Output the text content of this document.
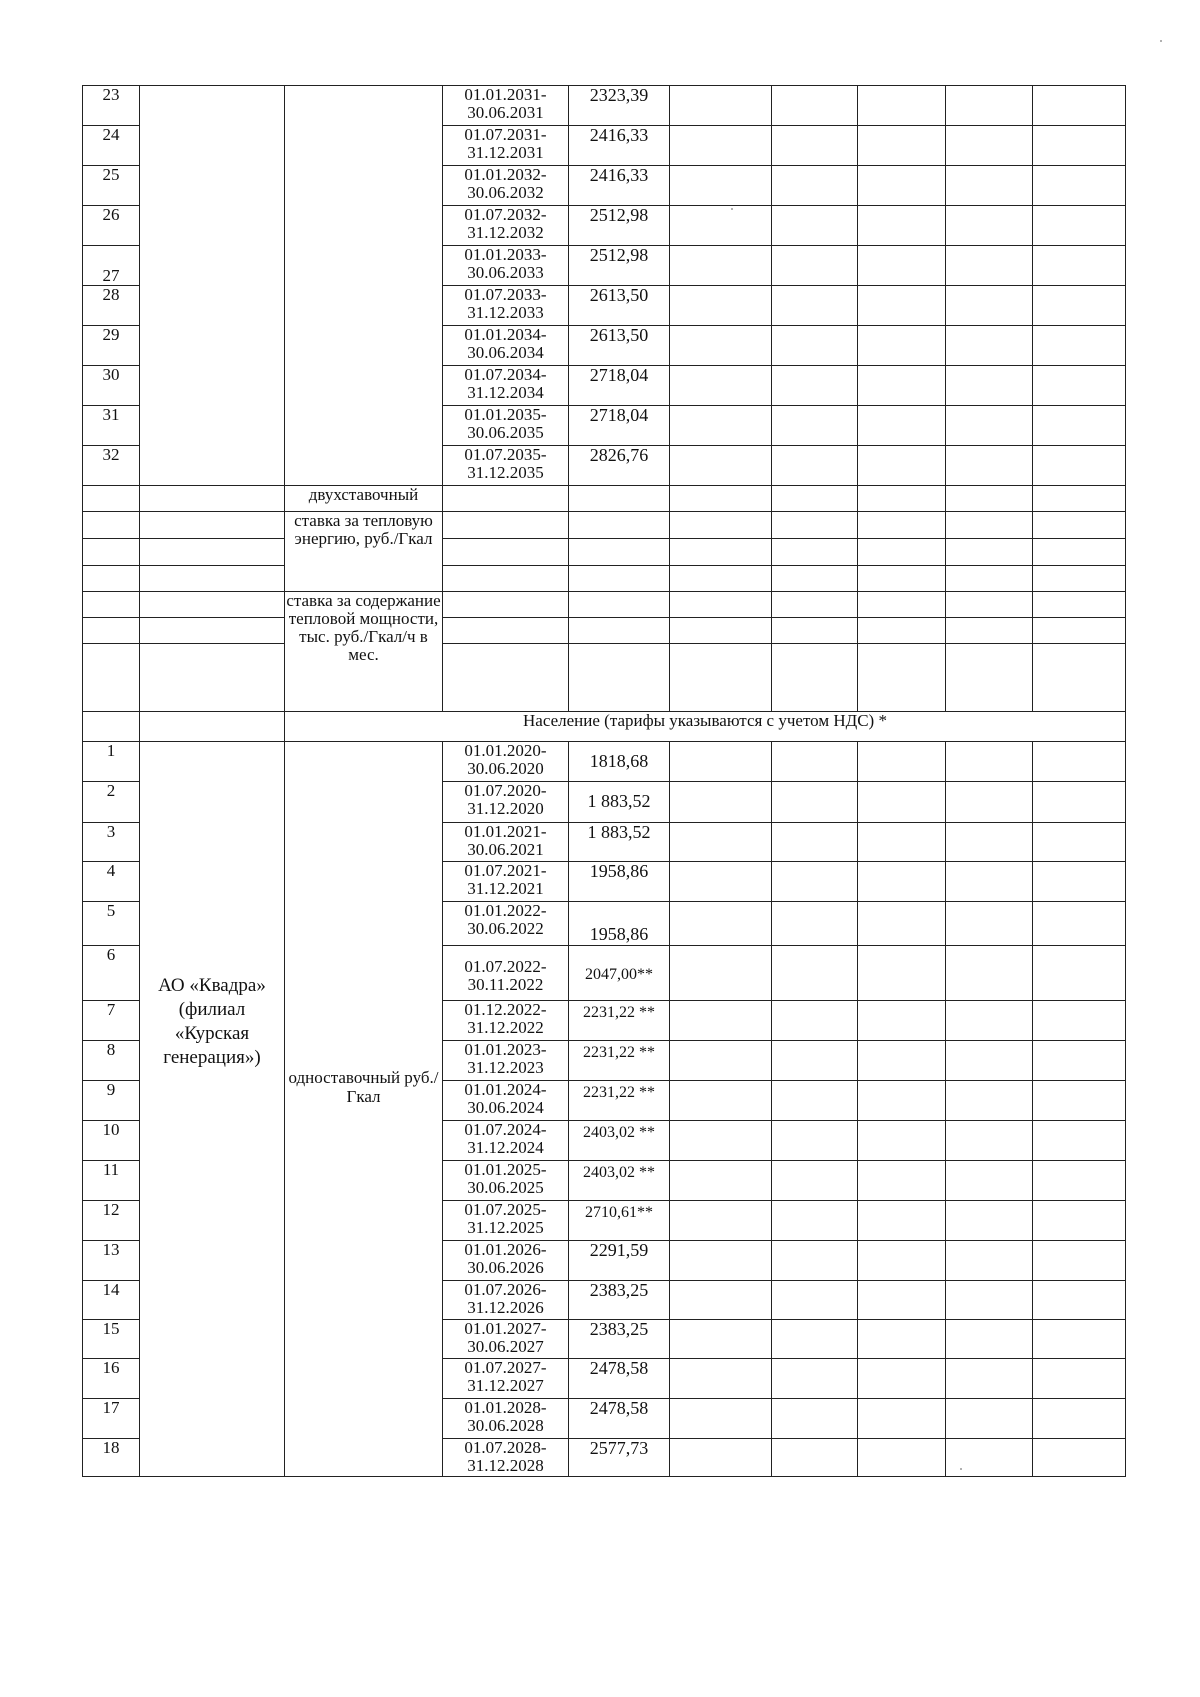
23			01.01.2031-30.06.2031	2323,39					
24			01.07.2031-31.12.2031	2416,33					
25			01.01.2032-30.06.2032	2416,33					
26			01.07.2032-31.12.2032	2512,98					
27			01.01.2033-30.06.2033	2512,98					
28			01.07.2033-31.12.2033	2613,50					
29			01.01.2034-30.06.2034	2613,50					
30			01.07.2034-31.12.2034	2718,04					
31			01.01.2035-30.06.2035	2718,04					
32			01.07.2035-31.12.2035	2826,76					
		двухставочный							
		ставка за тепловую энергию, руб./Гкал							

		ставка за содержание тепловой мощности, тыс. руб./Гкал/ч в мес.							

		Население (тарифы указываются с учетом НДС) *							
1	АО «Квадра» (филиал «Курская генерация»)	одноставочный руб./Гкал	01.01.2020-30.06.2020	1818,68					
2			01.07.2020-31.12.2020	1 883,52					
3			01.01.2021-30.06.2021	1 883,52					
4			01.07.2021-31.12.2021	1958,86					
5			01.01.2022-30.06.2022	1958,86					
6			01.07.2022-30.11.2022	2047,00**					
7			01.12.2022-31.12.2022	2231,22 **					
8			01.01.2023-31.12.2023	2231,22 **					
9			01.01.2024-30.06.2024	2231,22 **					
10			01.07.2024-31.12.2024	2403,02 **					
11			01.01.2025-30.06.2025	2403,02 **					
12			01.07.2025-31.12.2025	2710,61**					
13			01.01.2026-30.06.2026	2291,59					
14			01.07.2026-31.12.2026	2383,25					
15			01.01.2027-30.06.2027	2383,25					
16			01.07.2027-31.12.2027	2478,58					
17			01.01.2028-30.06.2028	2478,58					
18			01.07.2028-31.12.2028	2577,73					
